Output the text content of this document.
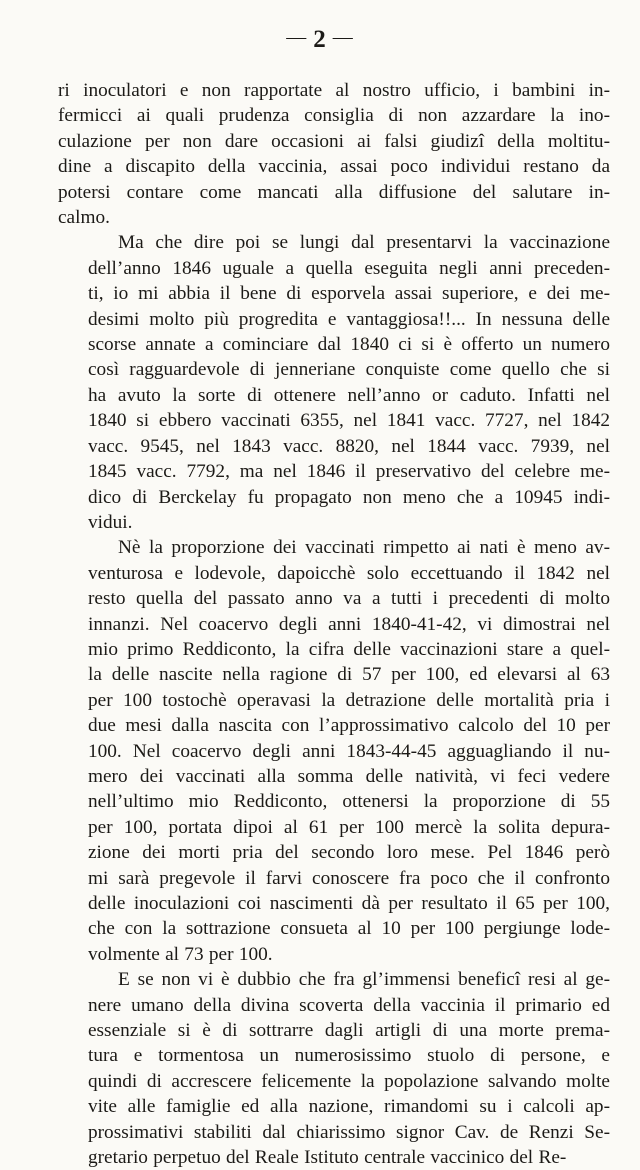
— 2 —
ri inoculatori e non rapportate al nostro ufficio, i bambini in-
fermicci ai quali prudenza consiglia di non azzardare la ino-
culazione per non dare occasioni ai falsi giudizî della moltitu-
dine a discapito della vaccinia, assai poco individui restano da
potersi contare come mancati alla diffusione del salutare in-
calmo.
Ma che dire poi se lungi dal presentarvi la vaccinazione
dell’anno 1846 uguale a quella eseguita negli anni preceden-
ti, io mi abbia il bene di esporvela assai superiore, e dei me-
desimi molto più progredita e vantaggiosa!!... In nessuna delle
scorse annate a cominciare dal 1840 ci si è offerto un numero
così ragguardevole di jenneriane conquiste come quello che si
ha avuto la sorte di ottenere nell’anno or caduto. Infatti nel
1840 si ebbero vaccinati 6355, nel 1841 vacc. 7727, nel 1842
vacc. 9545, nel 1843 vacc. 8820, nel 1844 vacc. 7939, nel
1845 vacc. 7792, ma nel 1846 il preservativo del celebre me-
dico di Berckelay fu propagato non meno che a 10945 indi-
vidui.
Nè la proporzione dei vaccinati rimpetto ai nati è meno av-
venturosa e lodevole, dapoicchè solo eccettuando il 1842 nel
resto quella del passato anno va a tutti i precedenti di molto
innanzi. Nel coacervo degli anni 1840-41-42, vi dimostrai nel
mio primo Reddiconto, la cifra delle vaccinazioni stare a quel-
la delle nascite nella ragione di 57 per 100, ed elevarsi al 63
per 100 tostochè operavasi la detrazione delle mortalità pria i
due mesi dalla nascita con l’approssimativo calcolo del 10 per
100. Nel coacervo degli anni 1843-44-45 agguagliando il nu-
mero dei vaccinati alla somma delle natività, vi feci vedere
nell’ultimo mio Reddiconto, ottenersi la proporzione di 55
per 100, portata dipoi al 61 per 100 mercè la solita depura-
zione dei morti pria del secondo loro mese. Pel 1846 però
mi sarà pregevole il farvi conoscere fra poco che il confronto
delle inoculazioni coi nascimenti dà per resultato il 65 per 100,
che con la sottrazione consueta al 10 per 100 pergiunge lode-
volmente al 73 per 100.
E se non vi è dubbio che fra gl’immensi beneficî resi al ge-
nere umano della divina scoverta della vaccinia il primario ed
essenziale si è di sottrarre dagli artigli di una morte prema-
tura e tormentosa un numerosissimo stuolo di persone, e
quindi di accrescere felicemente la popolazione salvando molte
vite alle famiglie ed alla nazione, rimandomi su i calcoli ap-
prossimativi stabiliti dal chiarissimo signor Cav. de Renzi Se-
gretario perpetuo del Reale Istituto centrale vaccinico del Re-
